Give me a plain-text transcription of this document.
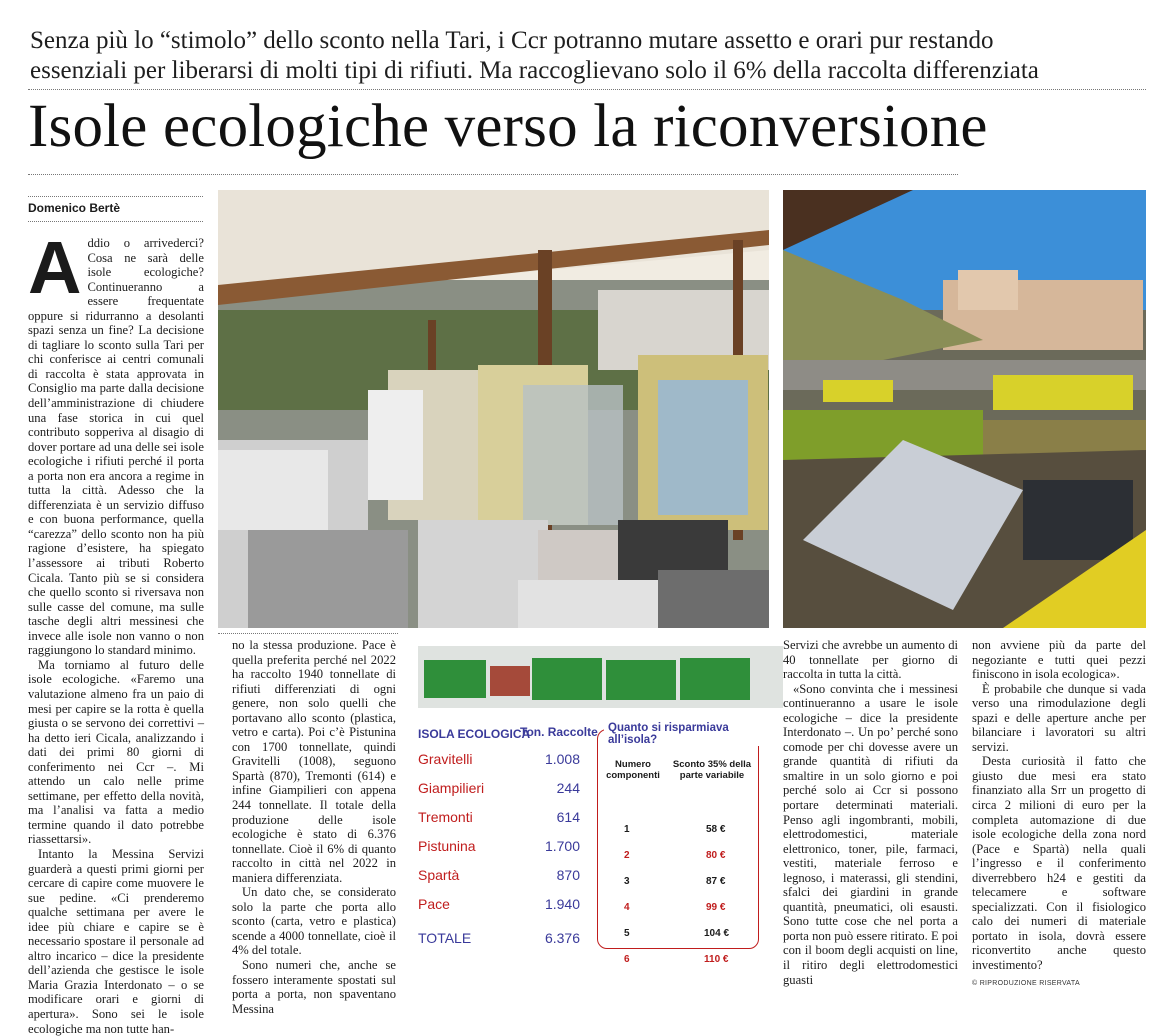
Senza più lo “stimolo” dello sconto nella Tari, i Ccr potranno mutare assetto e orari pur restando
essenziali per liberarsi di molti tipi di rifiuti. Ma raccoglievano solo il 6% della raccolta differenziata
Isole ecologiche verso la riconversione
Domenico Bertè
A ddio o arrivederci? Cosa ne sarà delle isole ecologiche? Continueranno a essere frequentate oppure si ridurranno a desolanti spazi senza un fine? La decisione di tagliare lo sconto sulla Tari per chi conferisce ai centri comunali di raccolta è stata approvata in Consiglio ma parte dalla decisione dell’amministrazione di chiudere una fase storica in cui quel contributo sopperiva al disagio di dover portare ad una delle sei isole ecologiche i rifiuti perché il porta a porta non era ancora a regime in tutta la città. Adesso che la differenziata è un servizio diffuso e con buona performance, quella “carezza” dello sconto non ha più ragione d’esistere, ha spiegato l’assessore ai tributi Roberto Cicala. Tanto più se si considera che quello sconto si riversava non sulle casse del comune, ma sulle tasche degli altri messinesi che invece alle isole non vanno o non raggiungono lo standard minimo.

Ma torniamo al futuro delle isole ecologiche. «Faremo una valutazione almeno fra un paio di mesi per capire se la rotta è quella giusta o se servono dei correttivi – ha detto ieri Cicala, analizzando i dati dei primi 80 giorni di conferimento nei Ccr –. Mi attendo un calo nelle prime settimane, per effetto della novità, ma l’analisi va fatta a medio termine quando il dato potrebbe riassettarsi».

Intanto la Messina Servizi guarderà a questi primi giorni per cercare di capire come muovere le sue pedine. «Ci prenderemo qualche settimana per avere le idee più chiare e capire se è necessario spostare il personale ad altro incarico – dice la presidente dell’azienda che gestisce le isole Maria Grazia Interdonato – o se modificare orari e giorni di apertura». Sono sei le isole ecologiche ma non tutte han-

no la stessa produzione. Pace è quella preferita perché nel 2022 ha raccolto 1940 tonnellate di rifiuti differenziati di ogni genere, non solo quelli che portavano allo sconto (plastica, vetro e carta). Poi c’è Pistunina con 1700 tonnellate, quindi Gravitelli (1008), seguono Spartà (870), Tremonti (614) e infine Giampilieri con appena 244 tonnellate. Il totale della produzione delle isole ecologiche è stato di 6.376 tonnellate. Cioè il 6% di quanto raccolto in città nel 2022 in maniera differenziata.

Un dato che, se considerato solo la parte che porta allo sconto (carta, vetro e plastica) scende a 4000 tonnellate, cioè il 4% del totale.

Sono numeri che, anche se fossero interamente spostati sul porta a porta, non spaventano Messina

ISOLA ECOLOGICA
Ton. Raccolte
Gravitelli	1.008
Giampilieri	244
Tremonti	614
Pistunina	1.700
Spartà	870
Pace	1.940
TOTALE	6.376
Quanto si risparmiava all’isola?
Numero componenti
Sconto 35% della parte variabile
1	58 €
2	80 €
3	87 €
4	99 €
5	104 €
6	110 €

Servizi che avrebbe un aumento di 40 tonnellate per giorno di raccolta in tutta la città.

«Sono convinta che i messinesi continueranno a usare le isole ecologiche – dice la presidente Interdonato –. Un po’ perché sono comode per chi dovesse avere un grande quantità di rifiuti da smaltire in un solo giorno e poi perché solo ai Ccr si possono portare determinati materiali. Penso agli ingombranti, mobili, elettrodomestici, materiale elettronico, toner, pile, farmaci, vestiti, materiale ferroso e legnoso, i materassi, gli stendini, sfalci dei giardini in grande quantità, pneumatici, oli esausti. Sono tutte cose che nel porta a porta non può essere ritirato. E poi con il boom degli acquisti on line, il ritiro degli elettrodomestici guasti

non avviene più da parte del negoziante e tutti quei pezzi finiscono in isola ecologica».

È probabile che dunque si vada verso una rimodulazione degli spazi e delle aperture anche per bilanciare i lavoratori su altri servizi.

Desta curiosità il fatto che giusto due mesi era stato finanziato alla Srr un progetto di circa 2 milioni di euro per la completa automazione di due isole ecologiche della zona nord (Pace e Spartà) nella quali l’ingresso e il conferimento diverrebbero h24 e gestiti da telecamere e software specializzati. Con il fisiologico calo dei numeri di materiale portato in isola, dovrà essere riconvertito anche questo investimento?

© RIPRODUZIONE RISERVATA
